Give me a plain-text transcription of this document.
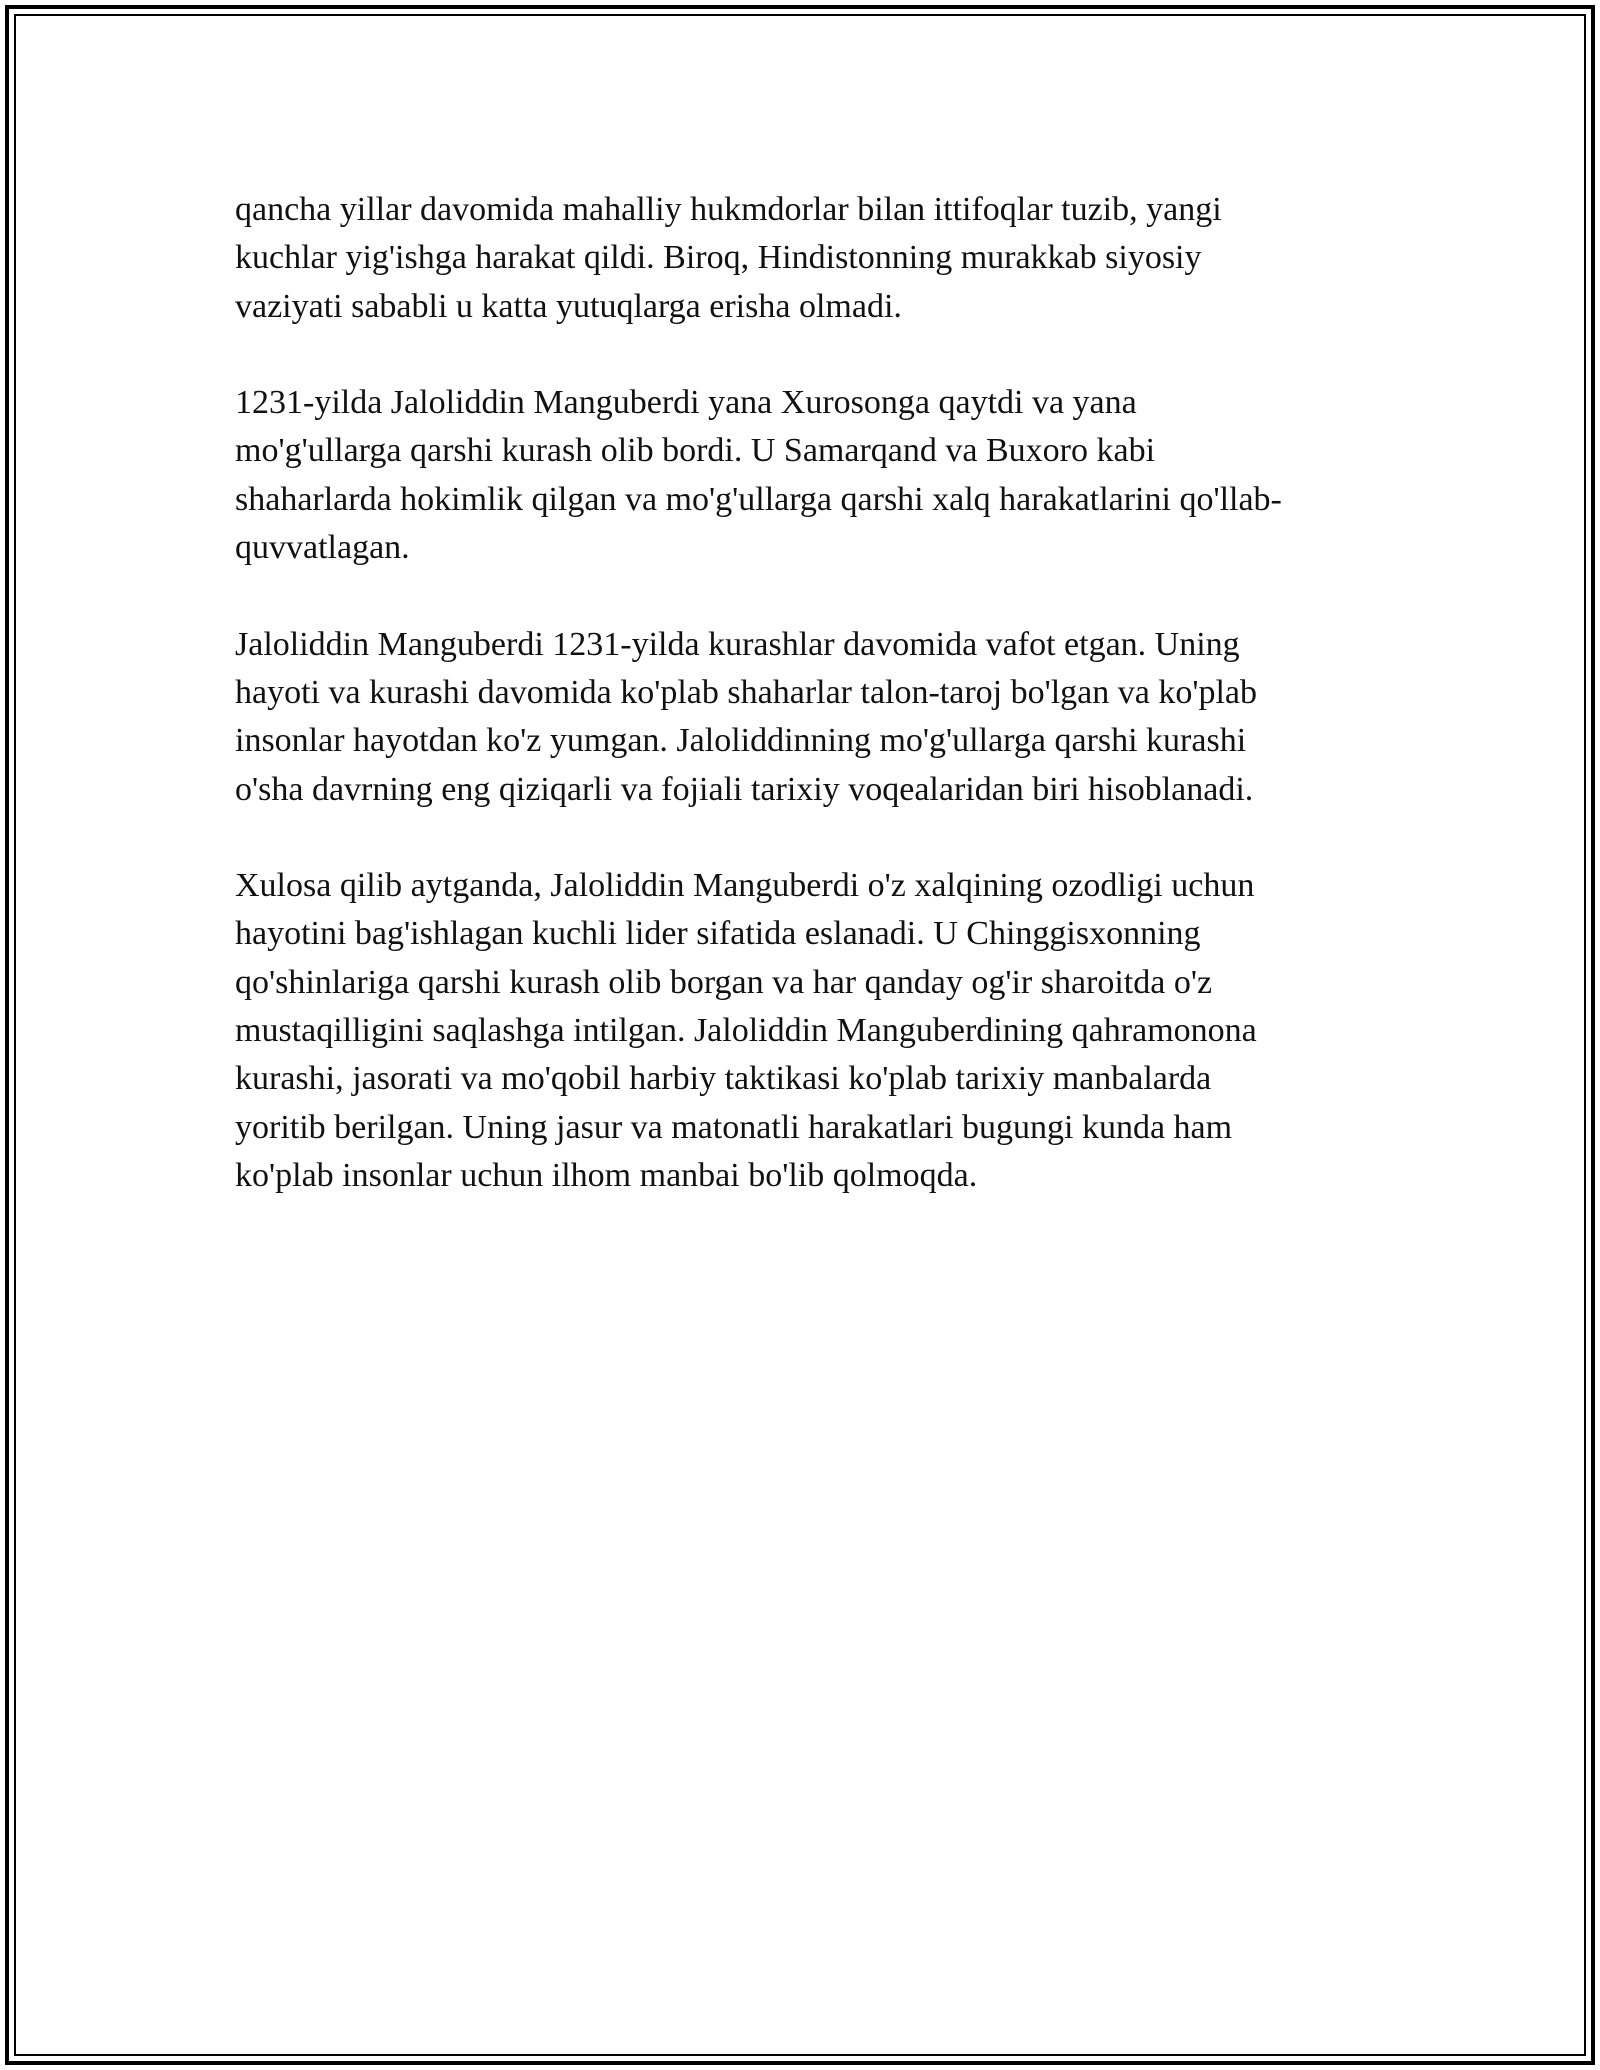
qancha yillar davomida mahalliy hukmdorlar bilan ittifoqlar tuzib, yangi
kuchlar yig'ishga harakat qildi. Biroq, Hindistonning murakkab siyosiy
vaziyati sababli u katta yutuqlarga erisha olmadi.

1231-yilda Jaloliddin Manguberdi yana Xurosonga qaytdi va yana
mo'g'ullarga qarshi kurash olib bordi. U Samarqand va Buxoro kabi
shaharlarda hokimlik qilgan va mo'g'ullarga qarshi xalq harakatlarini qo'llab-
quvvatlagan.

Jaloliddin Manguberdi 1231-yilda kurashlar davomida vafot etgan. Uning
hayoti va kurashi davomida ko'plab shaharlar talon-taroj bo'lgan va ko'plab
insonlar hayotdan ko'z yumgan. Jaloliddinning mo'g'ullarga qarshi kurashi
o'sha davrning eng qiziqarli va fojiali tarixiy voqealaridan biri hisoblanadi.

Xulosa qilib aytganda, Jaloliddin Manguberdi o'z xalqining ozodligi uchun
hayotini bag'ishlagan kuchli lider sifatida eslanadi. U Chinggisxonning
qo'shinlariga qarshi kurash olib borgan va har qanday og'ir sharoitda o'z
mustaqilligini saqlashga intilgan. Jaloliddin Manguberdining qahramonona
kurashi, jasorati va mo'qobil harbiy taktikasi ko'plab tarixiy manbalarda
yoritib berilgan. Uning jasur va matonatli harakatlari bugungi kunda ham
ko'plab insonlar uchun ilhom manbai bo'lib qolmoqda.
